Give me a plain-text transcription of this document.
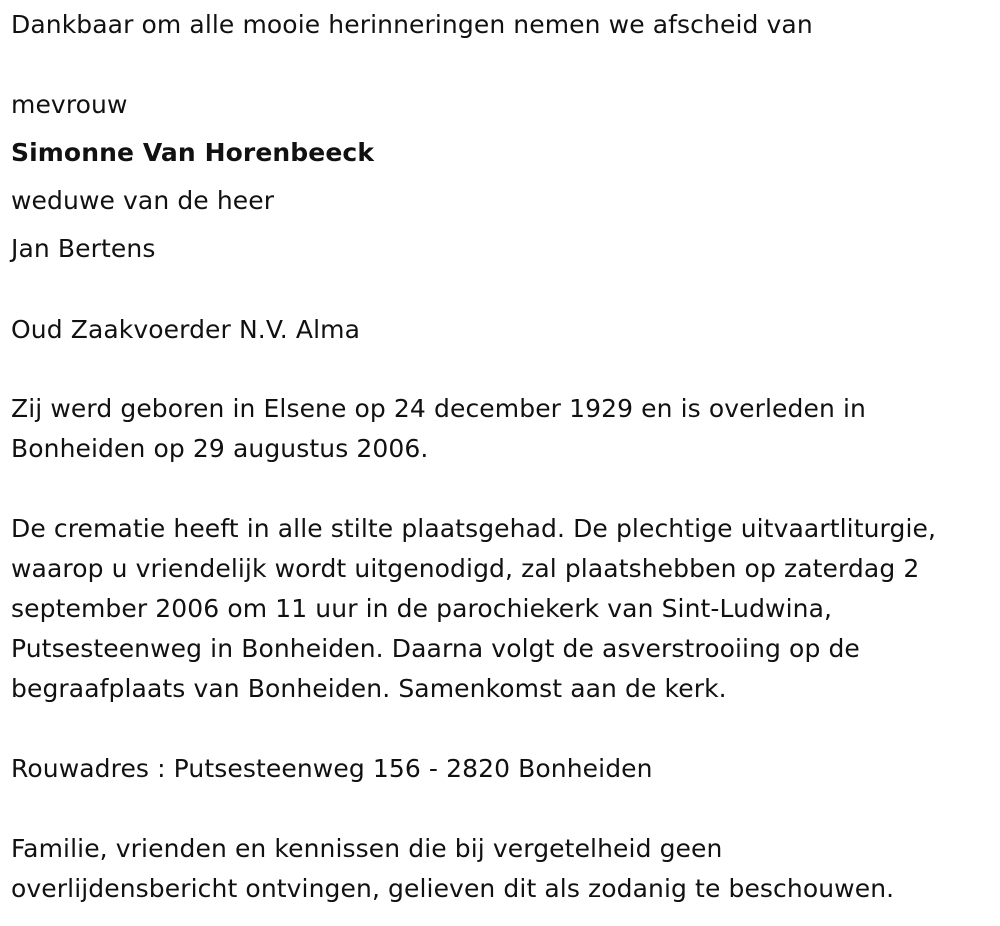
Dankbaar om alle mooie herinneringen nemen we afscheid van
mevrouw
Simonne Van Horenbeeck
weduwe van de heer
Jan Bertens
Oud Zaakvoerder N.V. Alma
Zij werd geboren in Elsene op 24 december 1929 en is overleden in
Bonheiden op 29 augustus 2006.
De crematie heeft in alle stilte plaatsgehad. De plechtige uitvaartliturgie,
waarop u vriendelijk wordt uitgenodigd, zal plaatshebben op zaterdag 2
september 2006 om 11 uur in de parochiekerk van Sint-Ludwina,
Putsesteenweg in Bonheiden. Daarna volgt de asverstrooiing op de
begraafplaats van Bonheiden. Samenkomst aan de kerk.
Rouwadres : Putsesteenweg 156 - 2820 Bonheiden
Familie, vrienden en kennissen die bij vergetelheid geen
overlijdensbericht ontvingen, gelieven dit als zodanig te beschouwen.
